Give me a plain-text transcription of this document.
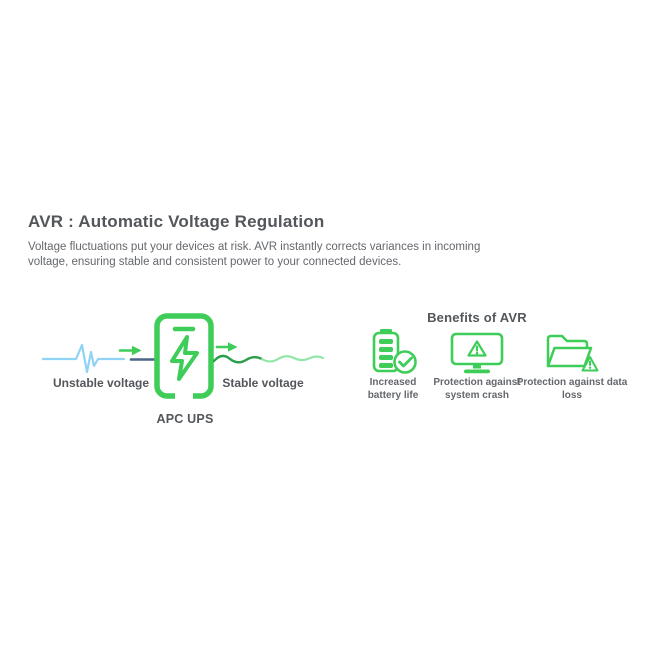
AVR : Automatic Voltage Regulation

Voltage fluctuations put your devices at risk. AVR instantly corrects variances in incoming voltage, ensuring stable and consistent power to your connected devices.

Unstable voltage	Stable voltage
APC UPS
Benefits of AVR
Increased battery life
Protection against system crash
Protection against data loss
